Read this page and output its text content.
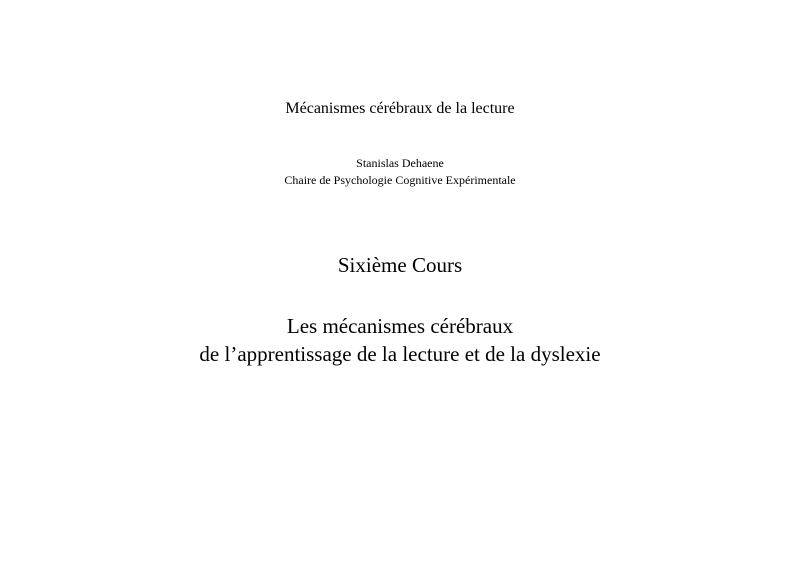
Mécanismes cérébraux de la lecture
Stanislas Dehaene
Chaire de Psychologie Cognitive Expérimentale
Sixième Cours
Les mécanismes cérébraux
de l’apprentissage de la lecture et de la dyslexie
